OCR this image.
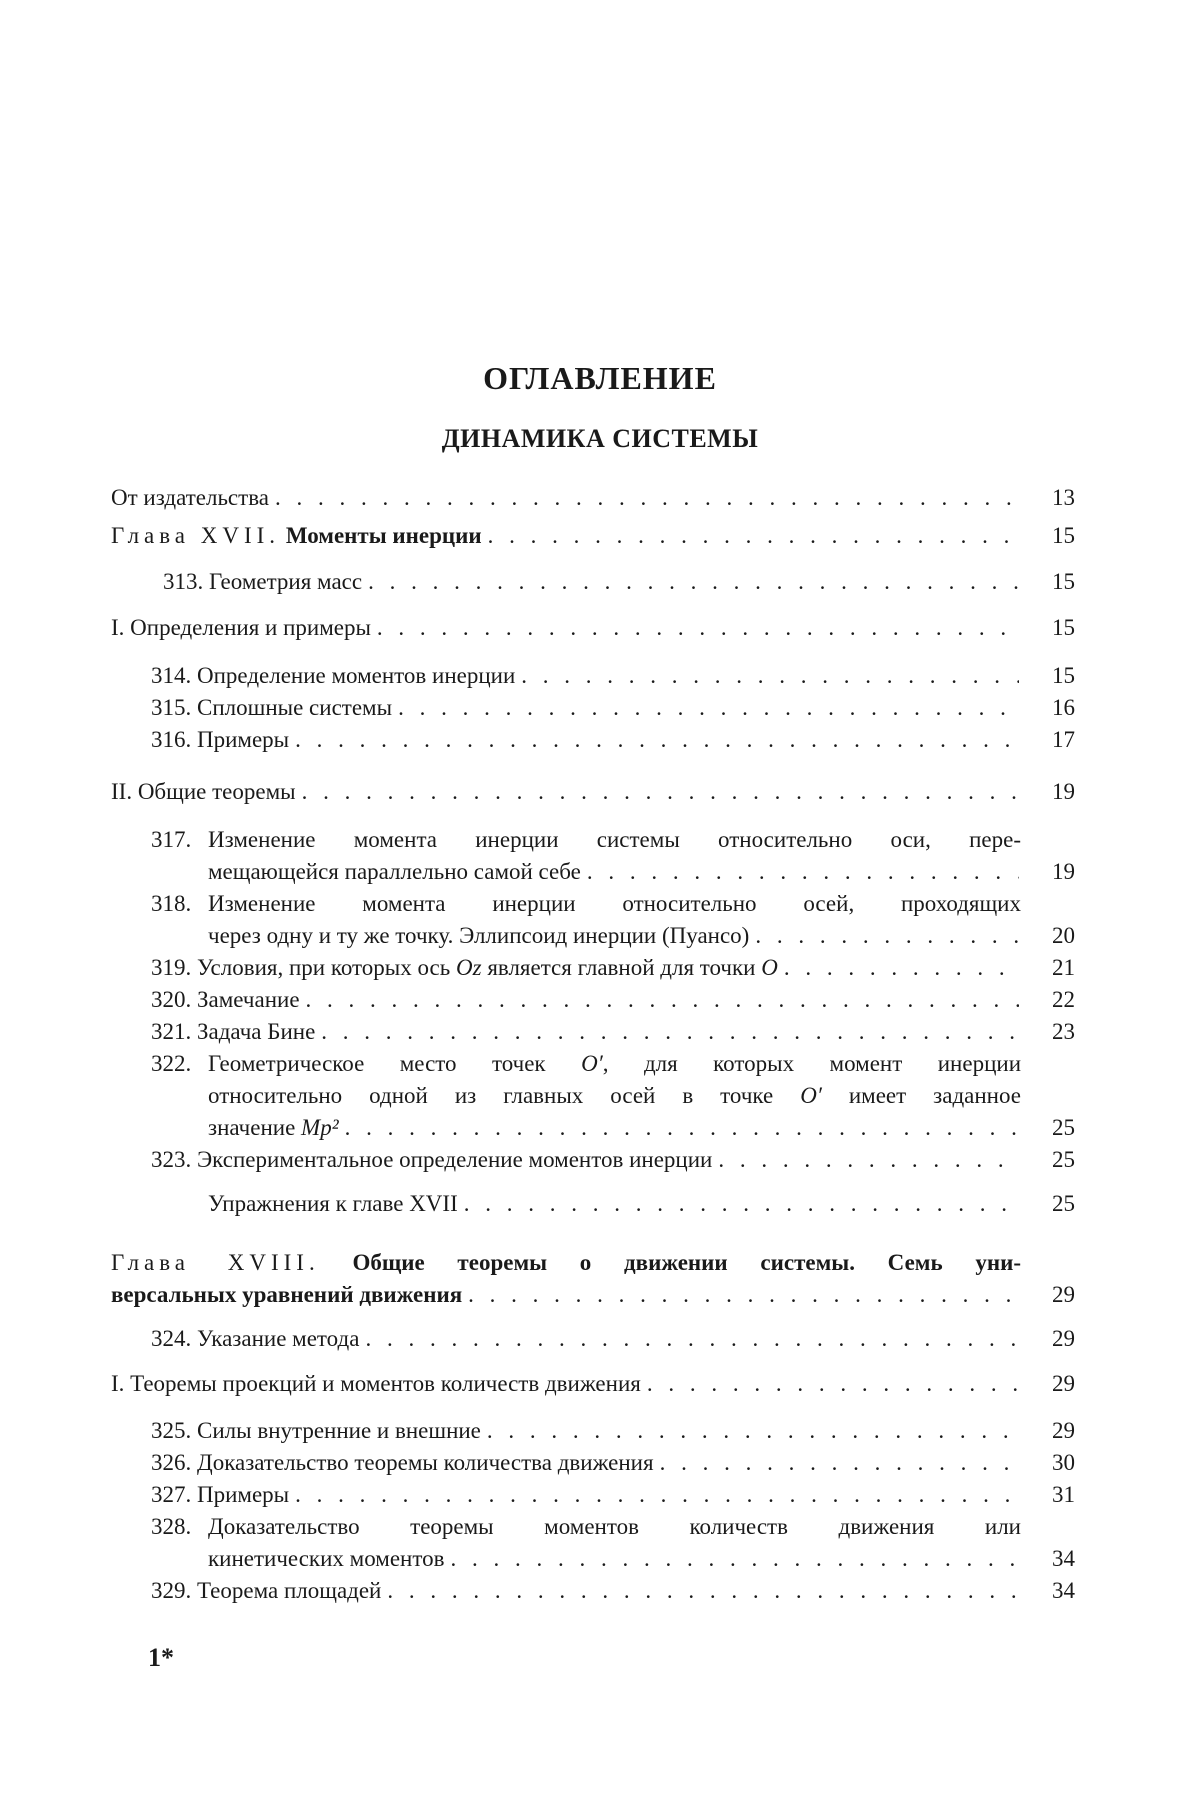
ОГЛАВЛЕНИЕ
ДИНАМИКА СИСТЕМЫ
От издательства . . .	13
Глава XVII. Моменты инерции . . .	15
313. Геометрия масс . . .	15
I. Определения и примеры . . .	15
314. Определение моментов инерции . . .	15
315. Сплошные системы . . .	16
316. Примеры . . .	17
II. Общие теоремы . . .	19
317. Изменение момента инерции системы относительно оси, пере-
мещающейся параллельно самой себе . . .	19
318. Изменение момента инерции относительно осей, проходящих
через одну и ту же точку. Эллипсоид инерции (Пуансо) . . .	20
319. Условия, при которых ось Oz является главной для точки O . . .	21
320. Замечание . . .	22
321. Задача Бине . . .	23
322. Геометрическое место точек O′, для которых момент инерции
относительно одной из главных осей в точке O′ имеет заданное
значение Mp² . . .	25
323. Экспериментальное определение моментов инерции . . .	25
Упражнения к главе XVII . . .	25
Глава XVIII. Общие теоремы о движении системы. Семь уни-
версальных уравнений движения . . .	29
324. Указание метода . . .	29
I. Теоремы проекций и моментов количеств движения . . .	29
325. Силы внутренние и внешние . . .	29
326. Доказательство теоремы количества движения . . .	30
327. Примеры . . .	31
328. Доказательство теоремы моментов количеств движения или
кинетических моментов . . .	34
329. Теорема площадей . . .	34
1*
